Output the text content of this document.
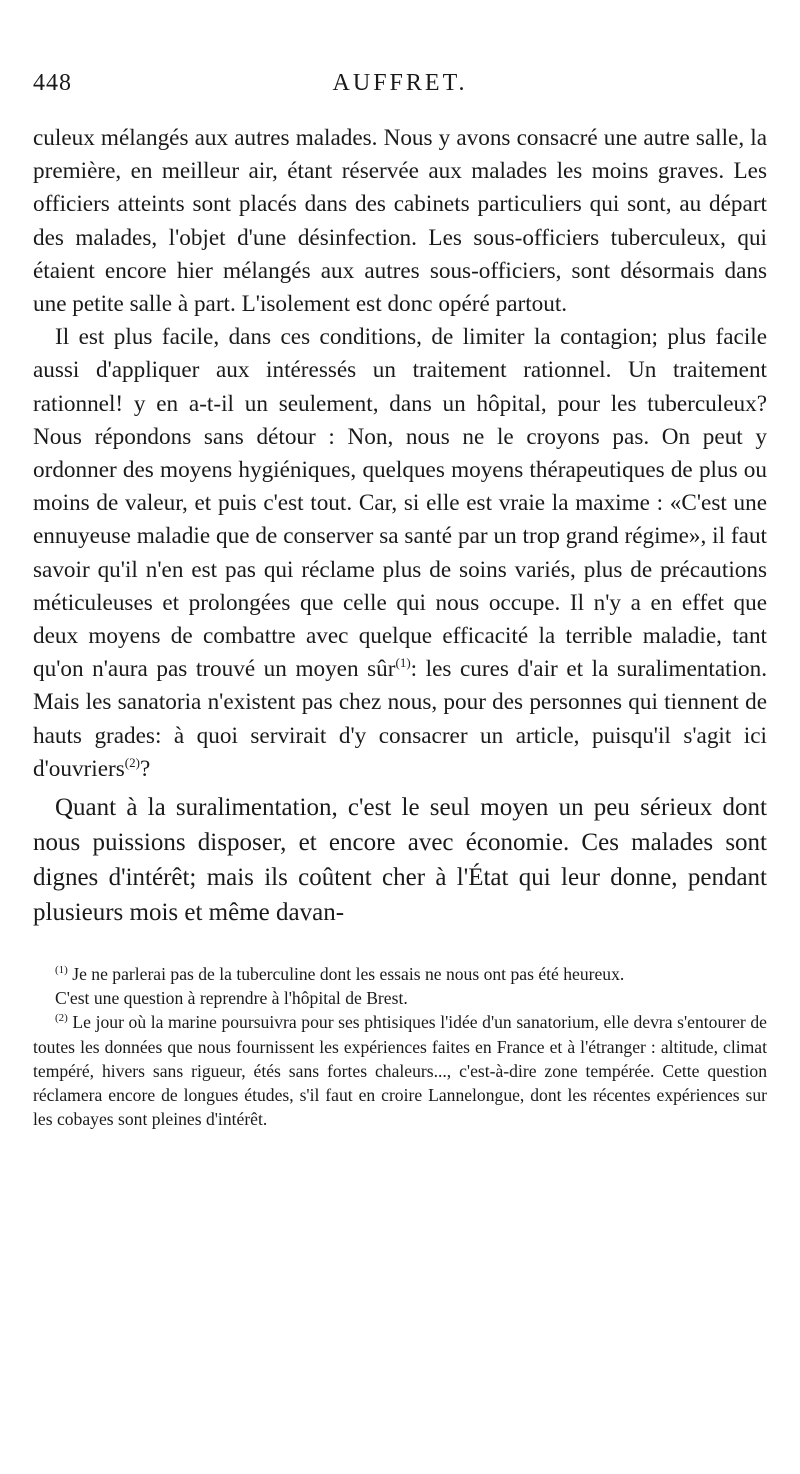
448	AUFFRET.

culeux mélangés aux autres malades. Nous y avons consacré une autre salle, la première, en meilleur air, étant réservée aux malades les moins graves. Les officiers atteints sont placés dans des cabinets particuliers qui sont, au départ des malades, l'objet d'une désinfection. Les sous-officiers tuberculeux, qui étaient encore hier mélangés aux autres sous-officiers, sont désormais dans une petite salle à part. L'isolement est donc opéré partout.

Il est plus facile, dans ces conditions, de limiter la contagion; plus facile aussi d'appliquer aux intéressés un traitement rationnel. Un traitement rationnel! y en a-t-il un seulement, dans un hôpital, pour les tuberculeux? Nous répondons sans détour : Non, nous ne le croyons pas. On peut y ordonner des moyens hygiéniques, quelques moyens thérapeutiques de plus ou moins de valeur, et puis c'est tout. Car, si elle est vraie la maxime : «C'est une ennuyeuse maladie que de conserver sa santé par un trop grand régime», il faut savoir qu'il n'en est pas qui réclame plus de soins variés, plus de précautions méticuleuses et prolongées que celle qui nous occupe. Il n'y a en effet que deux moyens de combattre avec quelque efficacité la terrible maladie, tant qu'on n'aura pas trouvé un moyen sûr$^{(1)}$: les cures d'air et la suralimentation. Mais les sanatoria n'existent pas chez nous, pour des personnes qui tiennent de hauts grades: à quoi servirait d'y consacrer un article, puisqu'il s'agit ici d'ouvriers$^{(2)}$?

Quant à la suralimentation, c'est le seul moyen un peu sérieux dont nous puissions disposer, et encore avec économie. Ces malades sont dignes d'intérêt; mais ils coûtent cher à l'État qui leur donne, pendant plusieurs mois et même davan-

$^{(1)}$ Je ne parlerai pas de la tuberculine dont les essais ne nous ont pas été heureux.

C'est une question à reprendre à l'hôpital de Brest.

$^{(2)}$ Le jour où la marine poursuivra pour ses phtisiques l'idée d'un sanatorium, elle devra s'entourer de toutes les données que nous fournissent les expériences faites en France et à l'étranger : altitude, climat tempéré, hivers sans rigueur, étés sans fortes chaleurs..., c'est-à-dire zone tempérée. Cette question réclamera encore de longues études, s'il faut en croire Lannelongue, dont les récentes expériences sur les cobayes sont pleines d'intérêt.
